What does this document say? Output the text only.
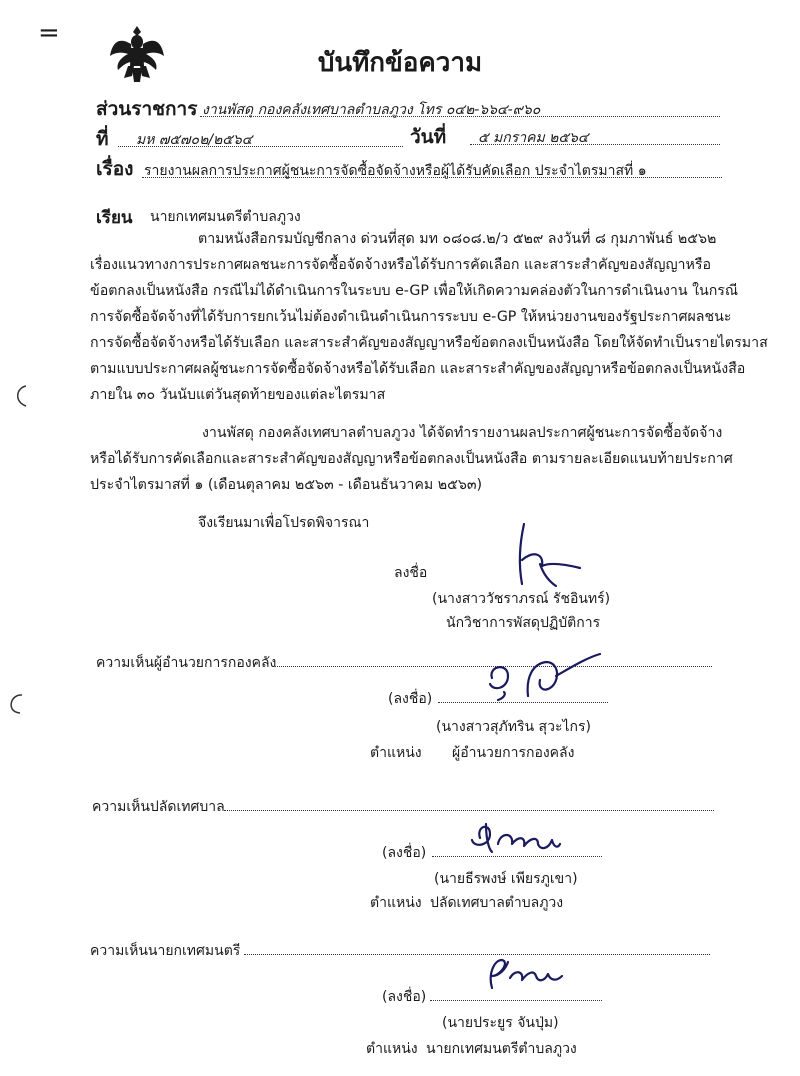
=
บันทึกข้อความ
ส่วนราชการ งานพัสดุ กองคลังเทศบาลตำบลภูวง โทร ๐๔๒-๖๖๔-๙๖๐
ที่ มห ๗๕๗๐๒/๒๕๖๔	วันที่ ๕ มกราคม ๒๕๖๔
เรื่อง รายงานผลการประกาศผู้ชนะการจัดซื้อจัดจ้างหรือผู้ได้รับคัดเลือก ประจำไตรมาสที่ ๑
เรียน นายกเทศมนตรีตำบลภูวง
ตามหนังสือกรมบัญชีกลาง ด่วนที่สุด มท ๐๘๐๘.๒/ว ๕๒๙ ลงวันที่ ๘ กุมภาพันธ์ ๒๕๖๒
เรื่องแนวทางการประกาศผลชนะการจัดซื้อจัดจ้างหรือได้รับการคัดเลือก และสาระสำคัญของสัญญาหรือ
ข้อตกลงเป็นหนังสือ กรณีไม่ได้ดำเนินการในระบบ e-GP เพื่อให้เกิดความคล่องตัวในการดำเนินงาน ในกรณี
การจัดซื้อจัดจ้างที่ได้รับการยกเว้นไม่ต้องดำเนินดำเนินการระบบ e-GP ให้หน่วยงานของรัฐประกาศผลชนะ
การจัดซื้อจัดจ้างหรือได้รับเลือก และสาระสำคัญของสัญญาหรือข้อตกลงเป็นหนังสือ โดยให้จัดทำเป็นรายไตรมาส
ตามแบบประกาศผลผู้ชนะการจัดซื้อจัดจ้างหรือได้รับเลือก และสาระสำคัญของสัญญาหรือข้อตกลงเป็นหนังสือ
ภายใน ๓๐ วันนับแต่วันสุดท้ายของแต่ละไตรมาส
งานพัสดุ กองคลังเทศบาลตำบลภูวง ได้จัดทำรายงานผลประกาศผู้ชนะการจัดซื้อจัดจ้าง
หรือได้รับการคัดเลือกและสาระสำคัญของสัญญาหรือข้อตกลงเป็นหนังสือ ตามรายละเอียดแนบท้ายประกาศ
ประจำไตรมาสที่ ๑ (เดือนตุลาคม ๒๕๖๓ - เดือนธันวาคม ๒๕๖๓)
จึงเรียนมาเพื่อโปรดพิจารณา
ลงชื่อ
(นางสาววัชราภรณ์ รัชอินทร์)
นักวิชาการพัสดุปฏิบัติการ
ความเห็นผู้อำนวยการกองคลัง
(ลงชื่อ)
(นางสาวสุภัทริน สุวะไกร)
ตำแหน่ง ผู้อำนวยการกองคลัง
ความเห็นปลัดเทศบาล
(ลงชื่อ)
(นายธีรพงษ์ เพียรภูเขา)
ตำแหน่ง ปลัดเทศบาลตำบลภูวง
ความเห็นนายกเทศมนตรี
(ลงชื่อ)
(นายประยูร จันปุ่ม)
ตำแหน่ง นายกเทศมนตรีตำบลภูวง
